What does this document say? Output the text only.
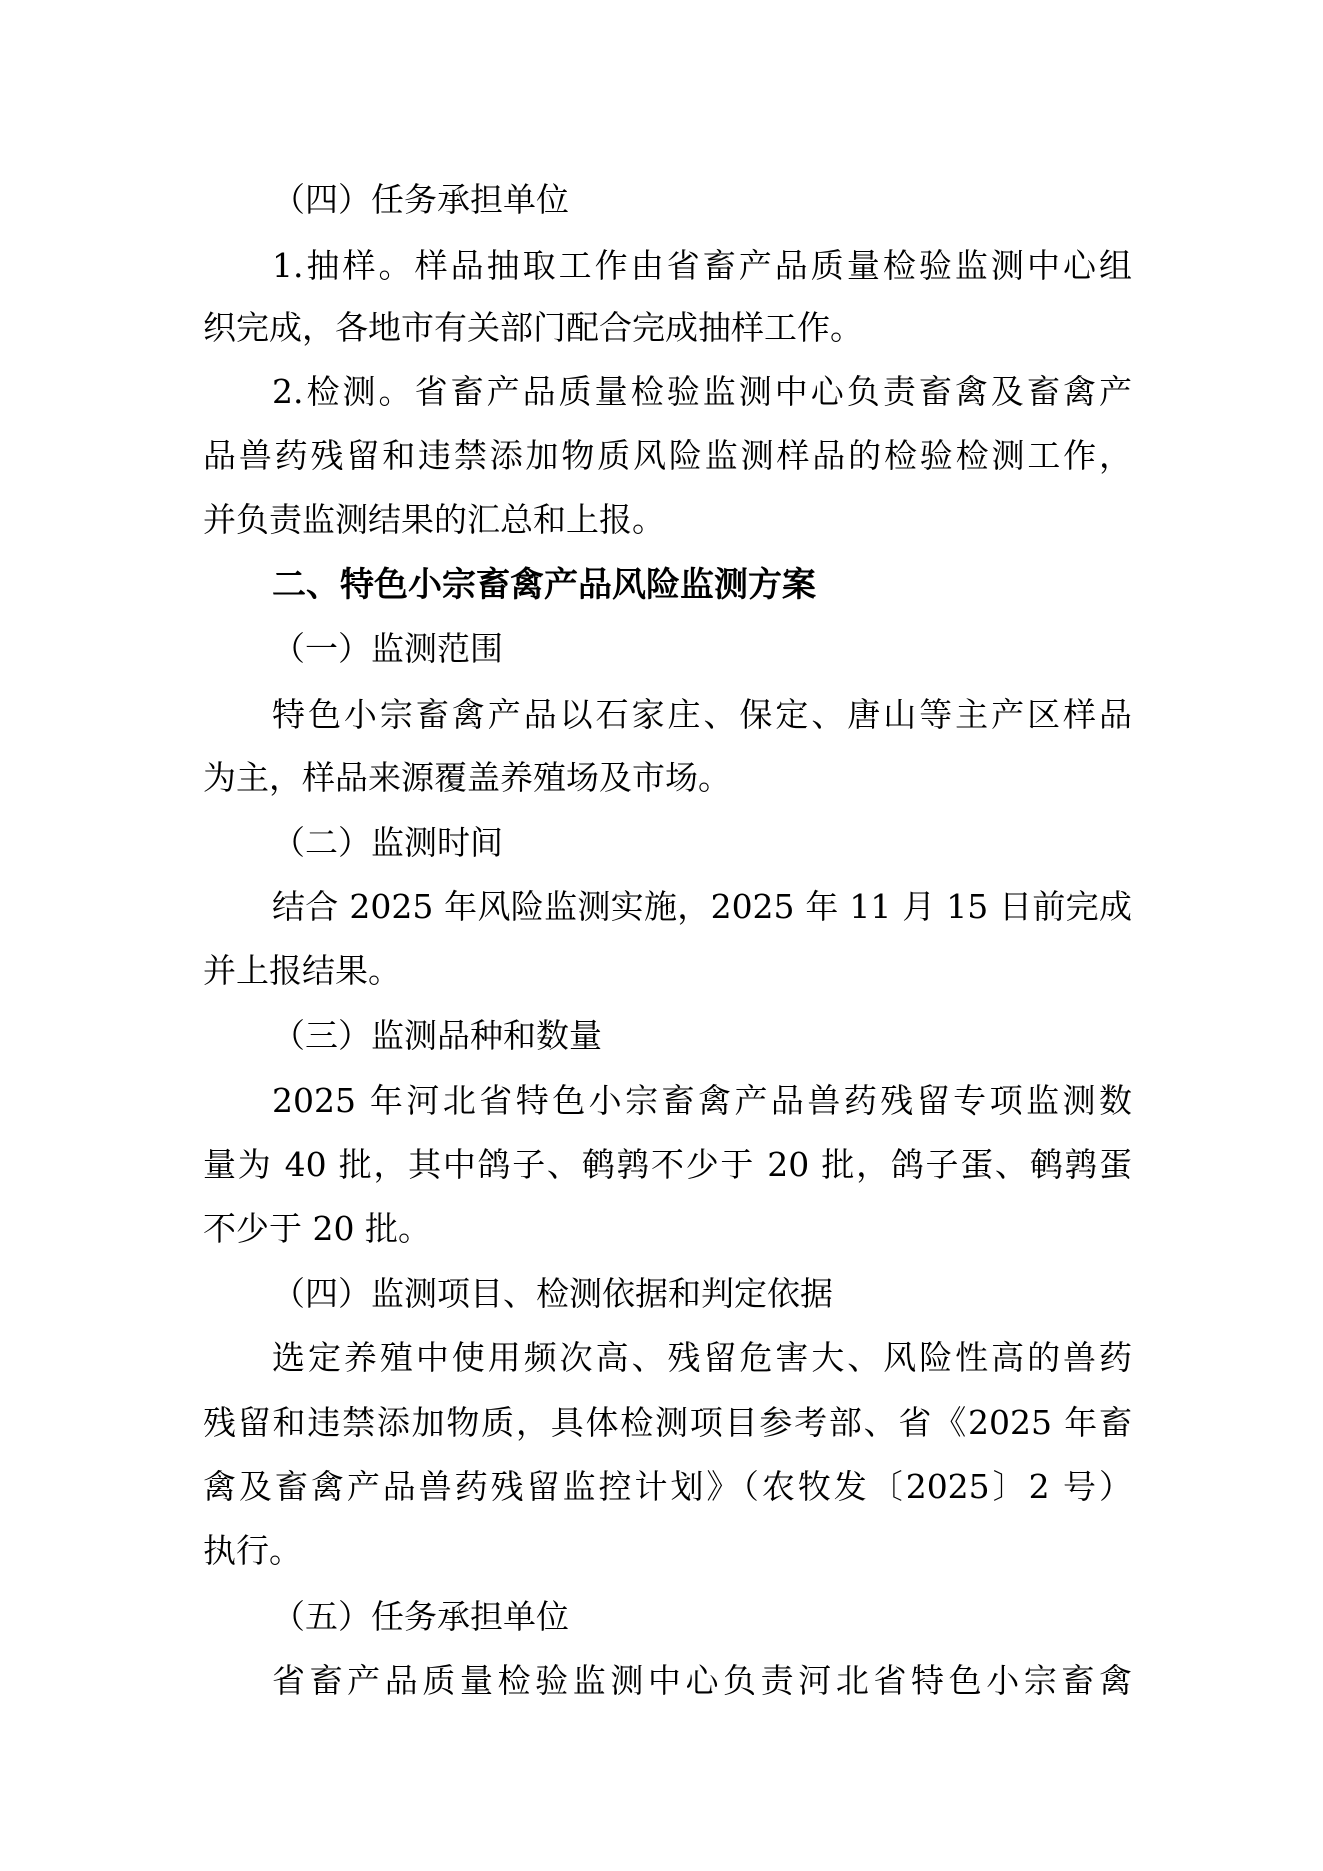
（四）任务承担单位
1.抽样。样品抽取工作由省畜产品质量检验监测中心组
织完成，各地市有关部门配合完成抽样工作。
2.检测。省畜产品质量检验监测中心负责畜禽及畜禽产
品兽药残留和违禁添加物质风险监测样品的检验检测工作，
并负责监测结果的汇总和上报。
二、特色小宗畜禽产品风险监测方案
（一）监测范围
特色小宗畜禽产品以石家庄、保定、唐山等主产区样品
为主，样品来源覆盖养殖场及市场。
（二）监测时间
结合 2025 年风险监测实施，2025 年 11 月 15 日前完成
并上报结果。
（三）监测品种和数量
2025 年河北省特色小宗畜禽产品兽药残留专项监测数
量为 40 批，其中鸽子、鹌鹑不少于 20 批，鸽子蛋、鹌鹑蛋
不少于 20 批。
（四）监测项目、检测依据和判定依据
选定养殖中使用频次高、残留危害大、风险性高的兽药
残留和违禁添加物质，具体检测项目参考部、省《2025 年畜
禽及畜禽产品兽药残留监控计划》（农牧发〔2025〕2 号）
执行。
（五）任务承担单位
省畜产品质量检验监测中心负责河北省特色小宗畜禽
